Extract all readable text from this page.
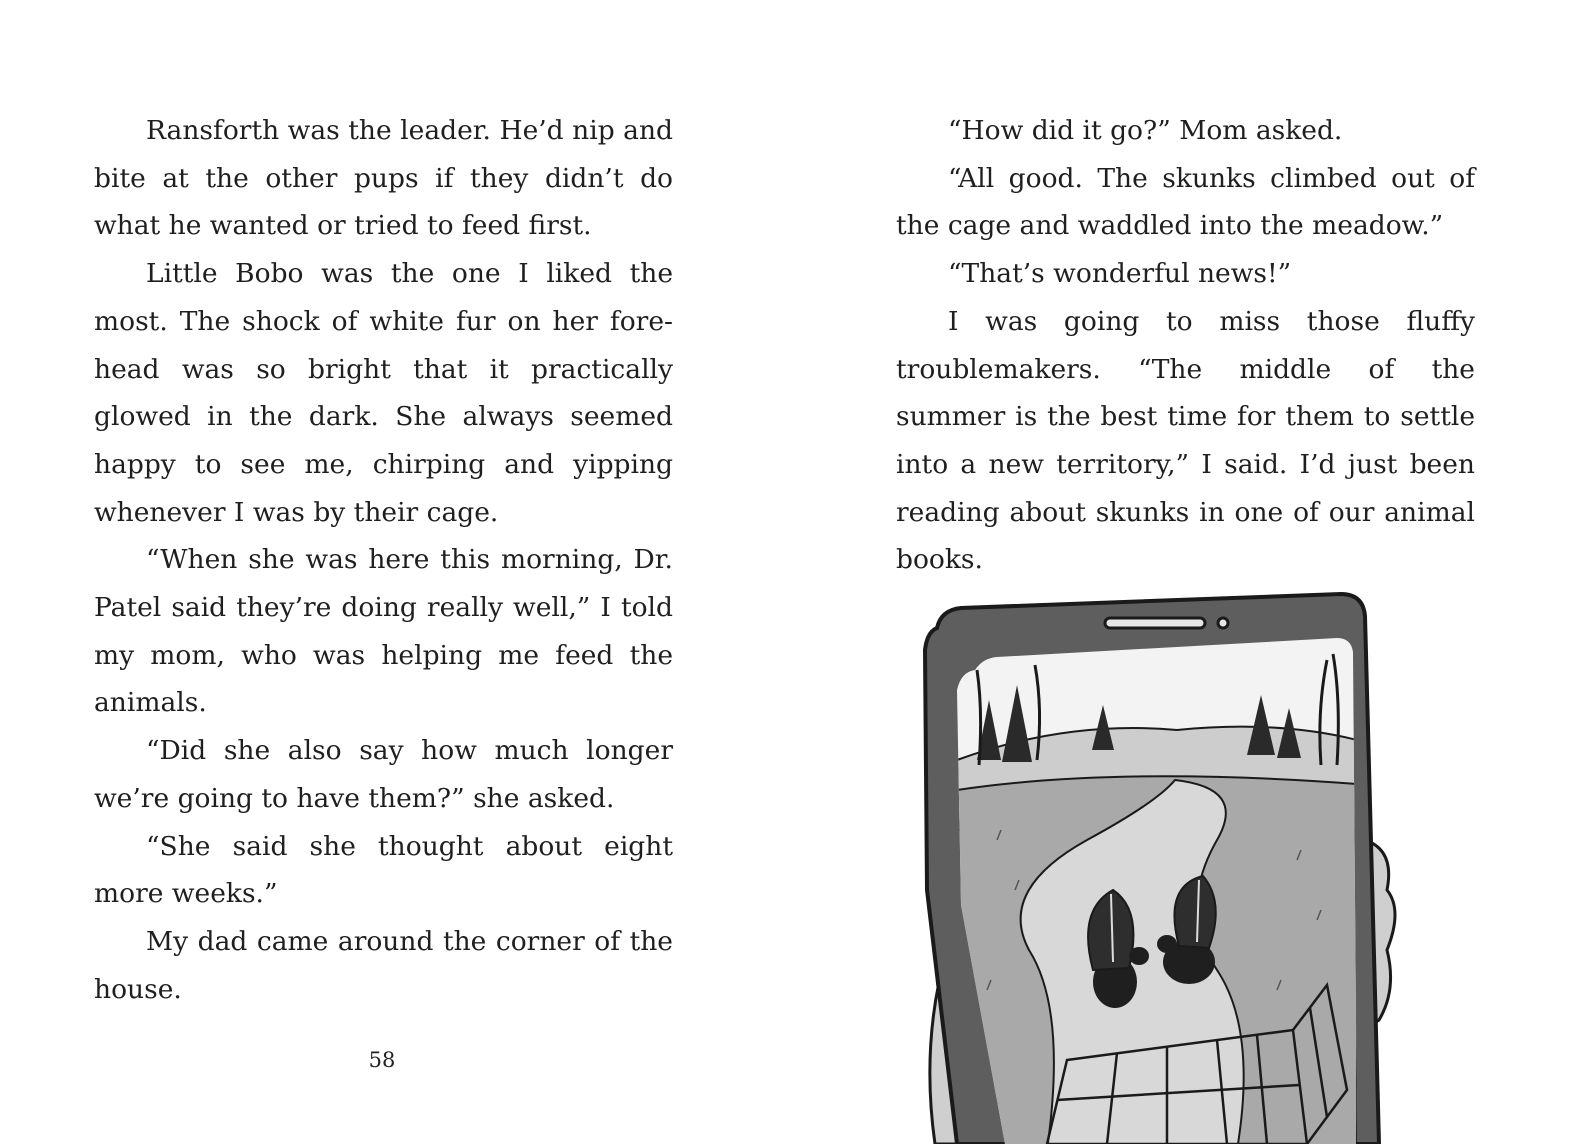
Ransforth was the leader. He’d nip and bite at the other pups if they didn’t do what he wanted or tried to feed first.

Little Bobo was the one I liked the most. The shock of white fur on her forehead was so bright that it practically glowed in the dark. She always seemed happy to see me, chirping and yipping whenever I was by their cage.

“When she was here this morning, Dr. Patel said they’re doing really well,” I told my mom, who was helping me feed the animals.

“Did she also say how much longer we’re going to have them?” she asked.

“She said she thought about eight more weeks.”

My dad came around the corner of the house.

58

“How did it go?” Mom asked.

“All good. The skunks climbed out of the cage and waddled into the meadow.”

“That’s wonderful news!”

I was going to miss those fluffy troublemakers. “The middle of the summer is the best time for them to settle into a new territory,” I said. I’d just been reading about skunks in one of our animal books.
